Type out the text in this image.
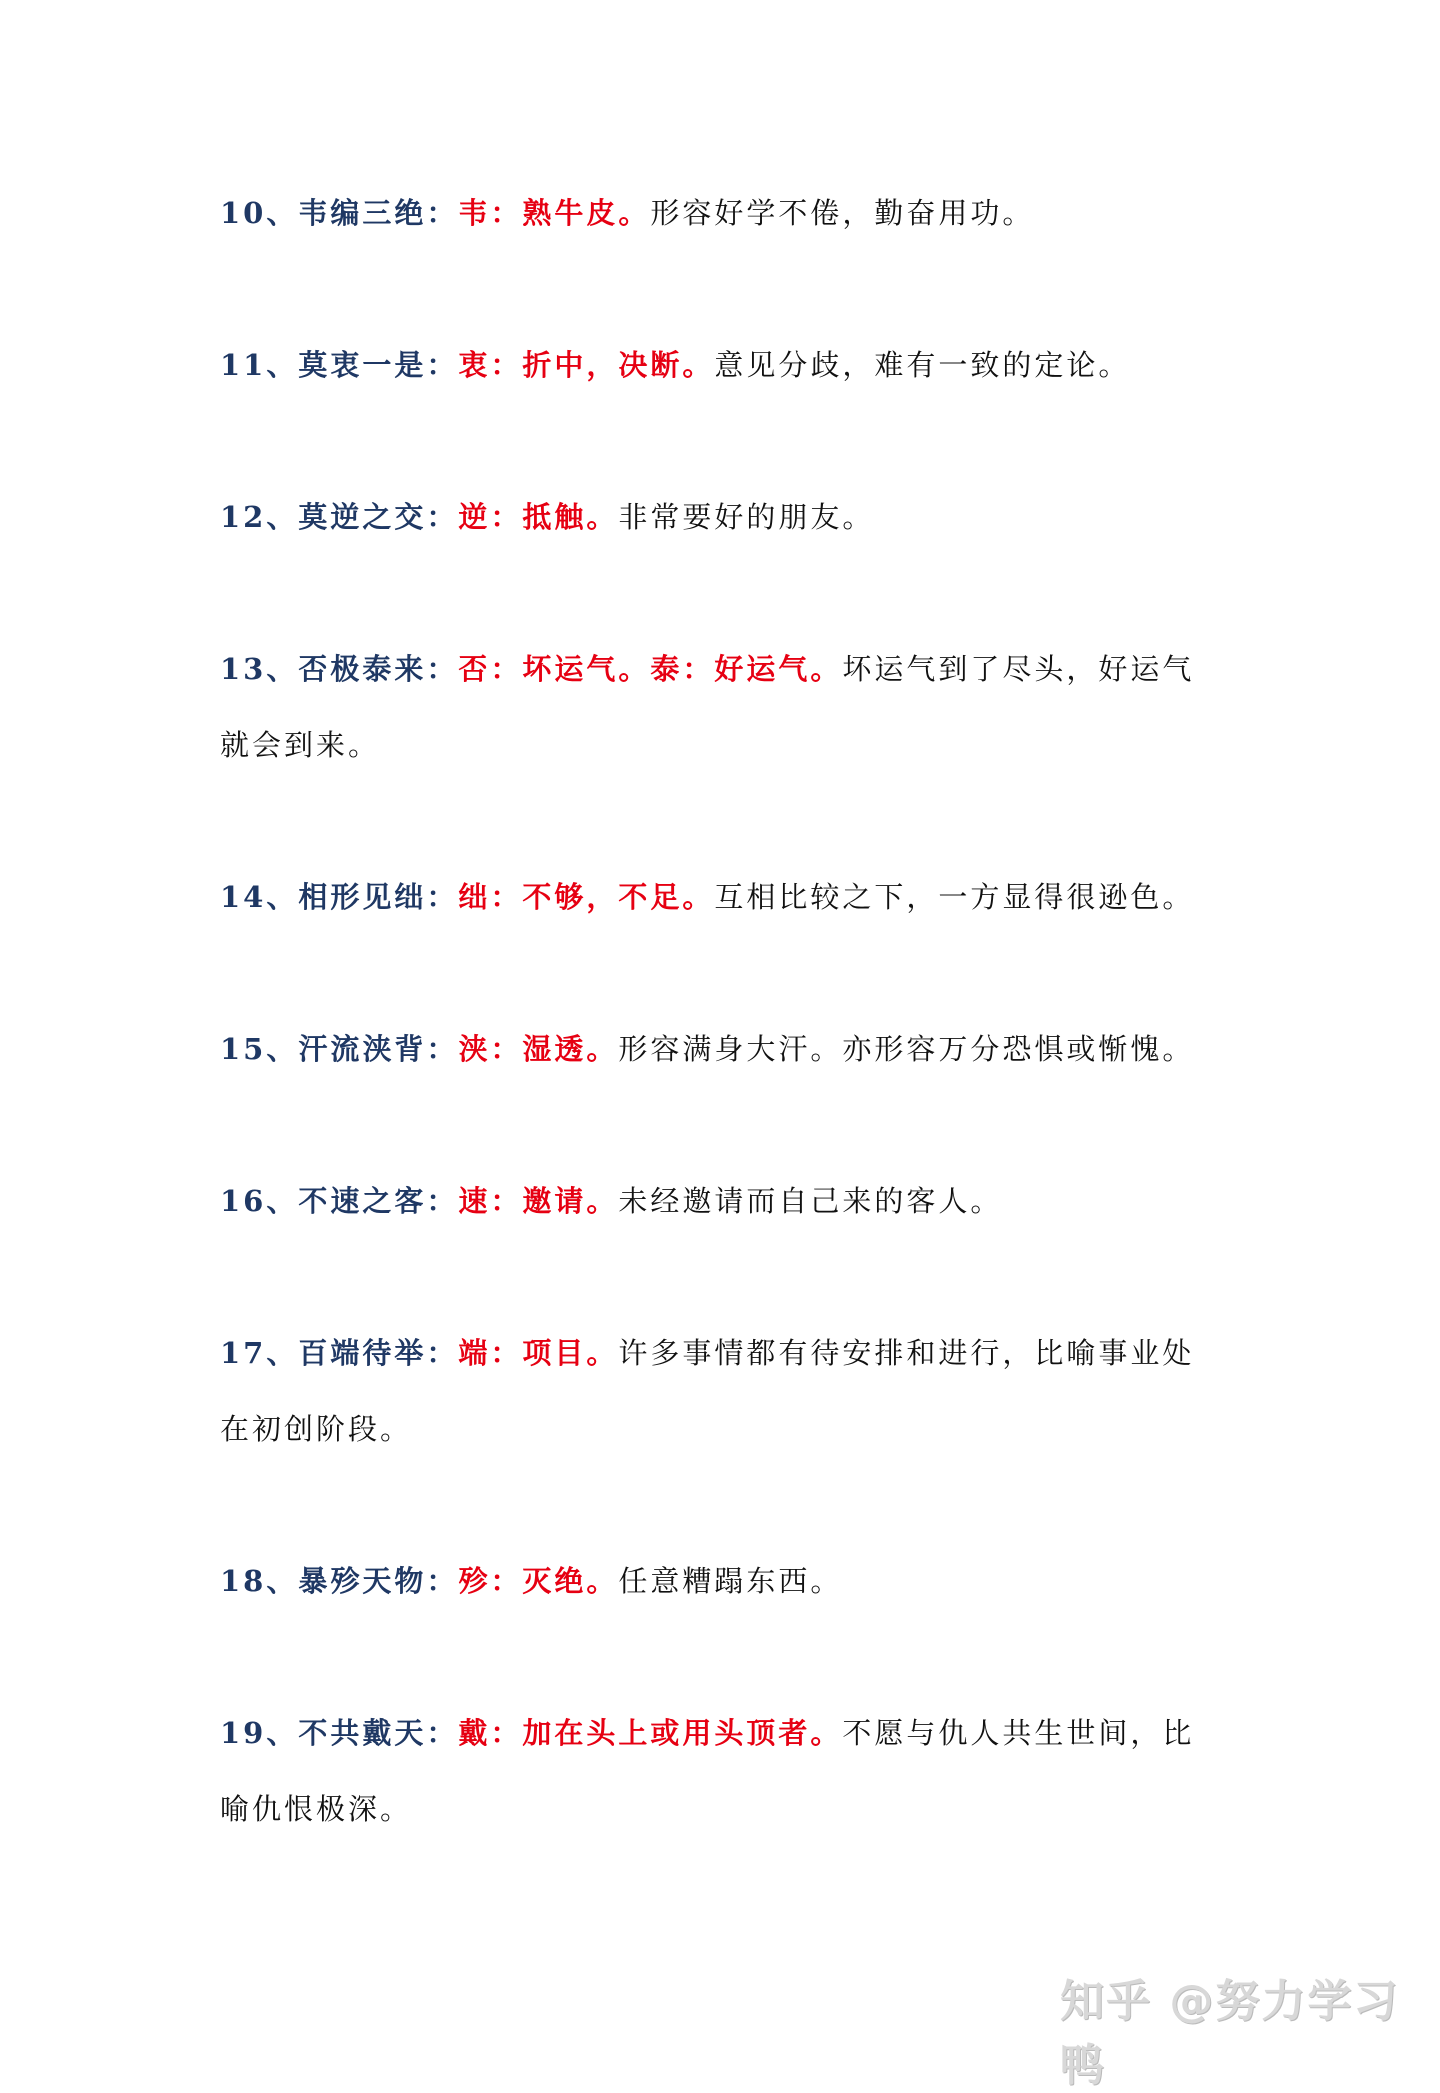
10、韦编三绝：韦：熟牛皮。形容好学不倦，勤奋用功。
11、莫衷一是：衷：折中，决断。意见分歧，难有一致的定论。
12、莫逆之交：逆：抵触。非常要好的朋友。
13、否极泰来：否：坏运气。泰：好运气。坏运气到了尽头，好运气
就会到来。
14、相形见绌：绌：不够，不足。互相比较之下，一方显得很逊色。
15、汗流浃背：浃：湿透。形容满身大汗。亦形容万分恐惧或惭愧。
16、不速之客：速：邀请。未经邀请而自己来的客人。
17、百端待举：端：项目。许多事情都有待安排和进行，比喻事业处
在初创阶段。
18、暴殄天物：殄：灭绝。任意糟蹋东西。
19、不共戴天：戴：加在头上或用头顶者。不愿与仇人共生世间，比
喻仇恨极深。
知乎 @努力学习鸭
